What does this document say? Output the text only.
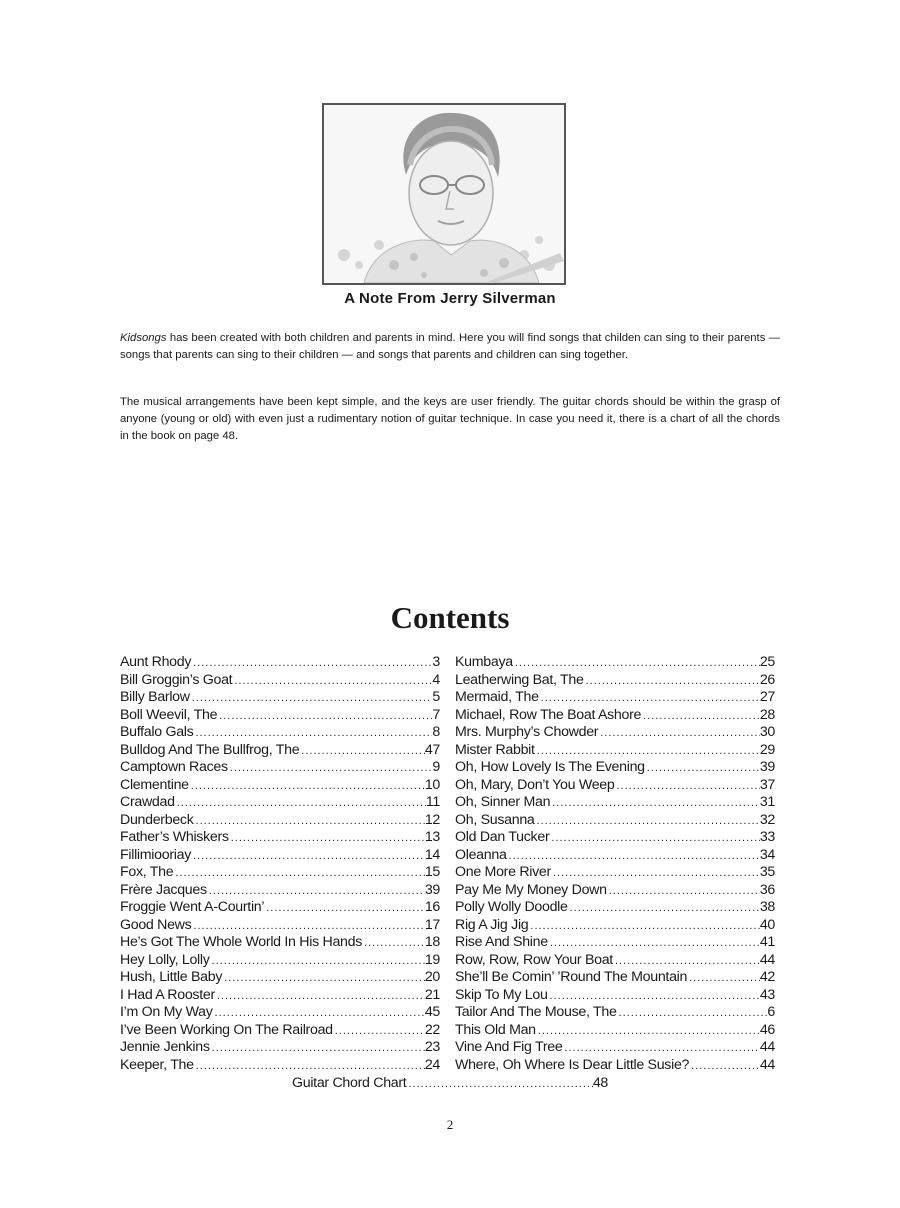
A Note From Jerry Silverman

Kidsongs has been created with both children and parents in mind. Here you will find songs that childen can sing to their parents — songs that parents can sing to their children — and songs that parents and children can sing together.

The musical arrangements have been kept simple, and the keys are user friendly. The guitar chords should be within the grasp of anyone (young or old) with even just a rudimentary notion of guitar technique. In case you need it, there is a chart of all the chords in the book on page 48.

Contents
Aunt Rhody .....	3
Bill Groggin’s Goat .....	4
Billy Barlow .....	5
Boll Weevil, The .....	7
Buffalo Gals .....	8
Bulldog And The Bullfrog, The .....	47
Camptown Races .....	9
Clementine .....	10
Crawdad .....	11
Dunderbeck .....	12
Father’s Whiskers .....	13
Fillimiooriay .....	14
Fox, The .....	15
Frère Jacques .....	39
Froggie Went A-Courtin’ .....	16
Good News .....	17
He’s Got The Whole World In His Hands .....	18
Hey Lolly, Lolly .....	19
Hush, Little Baby .....	20
I Had A Rooster .....	21
I’m On My Way .....	45
I’ve Been Working On The Railroad .....	22
Jennie Jenkins .....	23
Keeper, The .....	24
Kumbaya .....	25
Leatherwing Bat, The .....	26
Mermaid, The .....	27
Michael, Row The Boat Ashore .....	28
Mrs. Murphy’s Chowder .....	30
Mister Rabbit .....	29
Oh, How Lovely Is The Evening .....	39
Oh, Mary, Don’t You Weep .....	37
Oh, Sinner Man .....	31
Oh, Susanna .....	32
Old Dan Tucker .....	33
Oleanna .....	34
One More River .....	35
Pay Me My Money Down .....	36
Polly Wolly Doodle .....	38
Rig A Jig Jig .....	40
Rise And Shine .....	41
Row, Row, Row Your Boat .....	44
She’ll Be Comin’ ’Round The Mountain .....	42
Skip To My Lou .....	43
Tailor And The Mouse, The .....	6
This Old Man .....	46
Vine And Fig Tree .....	44
Where, Oh Where Is Dear Little Susie? .....	44
Guitar Chord Chart .....	48
2
